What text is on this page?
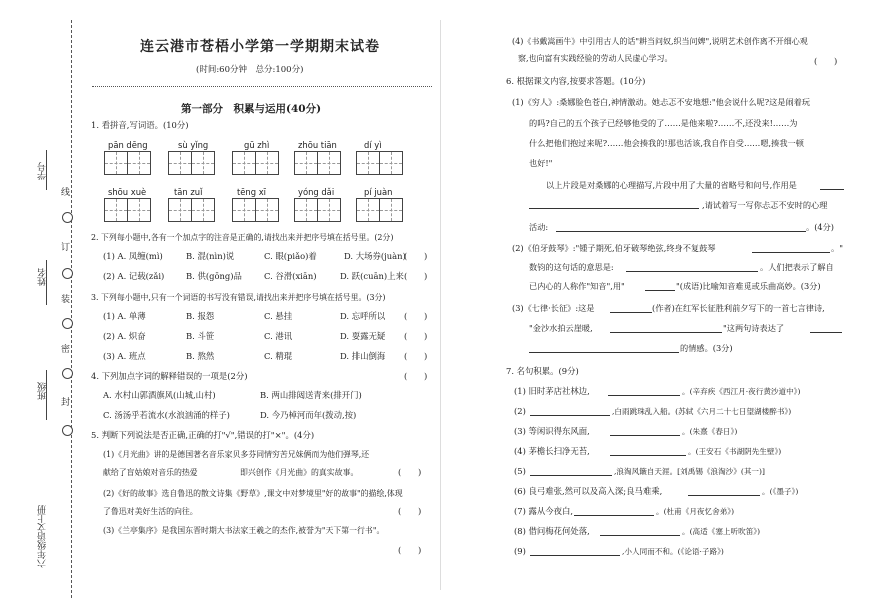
学号
姓名
班级
六年级语文上册
线
订
装
密
封
连云港市苍梧小学第一学期期末试卷
(时间:60分钟　总分:100分)
第一部分　积累与运用(40分)
1. 看拼音,写词语。(10分)
pān dēng	sù yǐng	gū zhì	zhōu tiān	dí yì
shōu xuè	tān zuǐ	tēng xī	yóng dǎi	pí juàn
2. 下列每小题中,各有一个加点字的注音是正确的,请找出来并把序号填在括号里。(2分)
(1) A. 凤缠(mì)	B. 混(nìn)说	C. 眼(piǎo)着	D. 大场券(juàn)
(　　)
(2) A. 记载(zǎi)	B. 供(gōng)品	C. 谷滑(xiān)	D. 跃(cuān)上来 (　　)
3. 下列每小题中,只有一个词语的书写没有错误,请找出来并把序号填在括号里。(3分)
(1) A. 单薄	B. 报怨	C. 悬挂	D. 忘呼所以 (　　)
(2) A. 炽奋	B. 斗笹	C. 港讯	D. 耍露无疑 (　　)
(3) A. 班点	B. 熬然	C. 精琨	D. 排山倒海 (　　)
4. 下列加点字词的解释错误的一项是(2分)	(　　)
A. 水村山郭酒旗风(山城,山村)	B. 两山排闼送青来(排开门)
C. 汤汤乎若流水(水浪汹涌的样子)	D. 今乃棹河而年(拨动,按)
5. 判断下列说法是否正确,正确的打"√",错误的打"×"。(4分)
(1)《月光曲》讲的是德国著名音乐家贝多芬同情穷苦兄妹俩而为他们弹琴,还
献给了盲姑娘对音乐的热爱	即兴创作《月光曲》的真实故事。	(　　)
(2)《好的故事》选自鲁迅的散文诗集《野草》,课文中对梦境里"好的故事"的描绘,体现
了鲁迅对美好生活的向往。	(　　)
(3)《兰亭集序》是我国东晋时期大书法家王羲之的杰作,被誉为"天下第一行书"。
(　　)
(4)《书戴嵩画牛》中引用古人的话"耕当问奴,织当问婢",说明艺术创作离不开细心观
察,也向富有实践经验的劳动人民虚心学习。	(　　)
6. 根据课文内容,按要求答题。(10分)
(1)《穷人》:桑娜脸色苍白,神情激动。她忐忑不安地想:"他会说什么呢?这是闹着玩
的吗?自己的五个孩子已经够他受的了……是他来啦?……不,还没来!……为
什么把他们抱过来呢?……他会揍我的!那也活该,我自作自受……嗯,揍我一顿
也好!"
以上片段是对桑娜的心理描写,片段中用了大量的省略号和问号,作用是
,请试着写一写你忐忑不安时的心理
活动:	。(4分)
(2)《伯牙鼓琴》:"锺子期死,伯牙破琴绝弦,终身不复鼓琴	。"
数钧的这句话的意思是:	。人们把表示了解自
已内心的人称作"知音",用"	"(成语)比喻知音难觅或乐曲高妙。(3分)
(3)《七律·长征》:这是	(作者)在红军长征胜利前夕写下的一首七言律诗,
"金沙水拍云崖暖,	"这两句诗表达了
的情感。(3分)
7. 名句积累。(9分)
(1) 旧时茅店社林边,	。(辛弃疾《西江月·夜行黄沙道中》)
(2)	,白雨跳珠乱入船。(苏轼《六月二十七日望湖楼醉书》)
(3) 等闲识得东风面,	。(朱熹《春日》)
(4) 茅檐长扫净无苔,	。(王安石《书湖阴先生壁》)
(5)	,浪淘风簸自天涯。[刘禹锡《浪淘沙》(其一)]
(6) 良弓难张,然可以及高入深;良马难乘,	。(《墨子》)
(7) 露从今夜白,	。(杜甫《月夜忆舍弟》)
(8) 借问梅花何处落,	。(高适《塞上听吹笛》)
(9)	,小人同而不和。(《论语·子路》)
